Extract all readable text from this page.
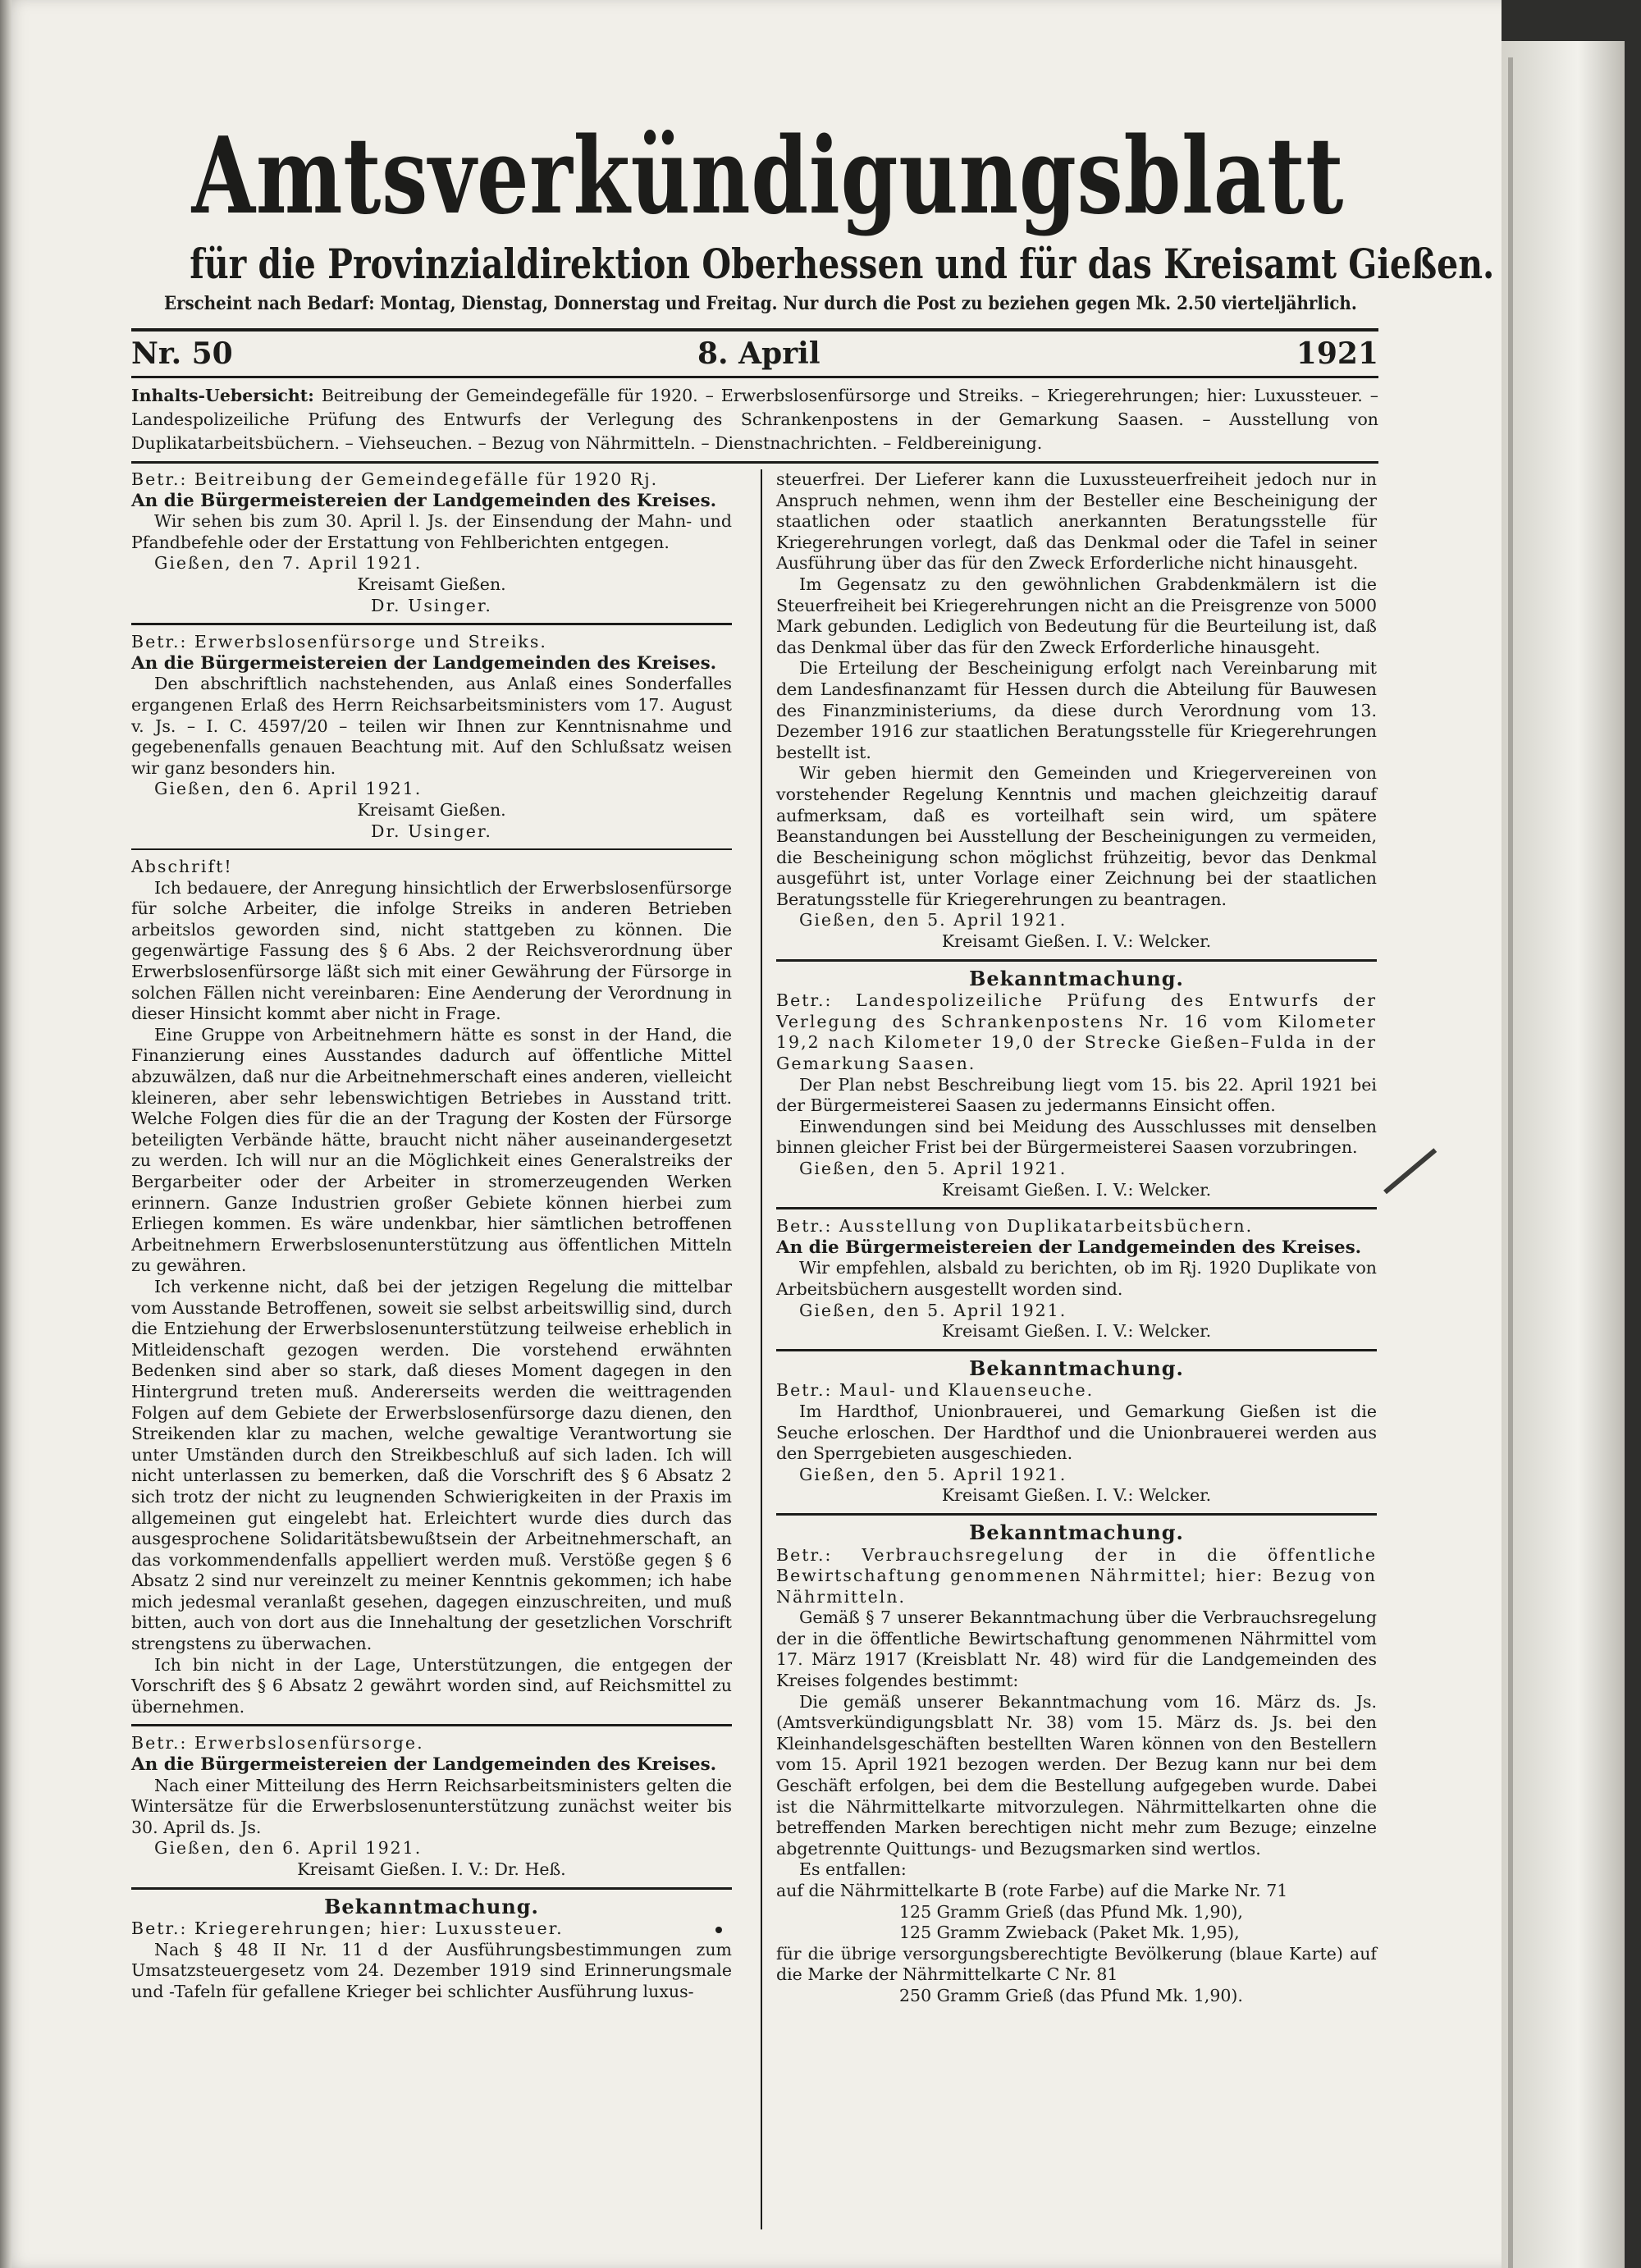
Amtsverkündigungsblatt
für die Provinzialdirektion Oberhessen und für das Kreisamt Gießen.
Erscheint nach Bedarf: Montag, Dienstag, Donnerstag und Freitag. Nur durch die Post zu beziehen gegen Mk. 2.50 vierteljährlich.
Nr. 50	8. April	1921
Inhalts-Uebersicht: Beitreibung der Gemeindegefälle für 1920. – Erwerbslosenfürsorge und Streiks. – Kriegerehrungen; hier: Luxussteuer. – Landespolizeiliche Prüfung des Entwurfs der Verlegung des Schrankenpostens in der Gemarkung Saasen. – Ausstellung von Duplikatarbeitsbüchern. – Viehseuchen. – Bezug von Nährmitteln. – Dienstnachrichten. – Feldbereinigung.

Betr.: Beitreibung der Gemeindegefälle für 1920 Rj.

An die Bürgermeistereien der Landgemeinden des Kreises.

Wir sehen bis zum 30. April l. Js. der Einsendung der Mahn- und Pfandbefehle oder der Erstattung von Fehlberichten entgegen.

Gießen, den 7. April 1921.

Kreisamt Gießen.

Dr. Usinger.

Betr.: Erwerbslosenfürsorge und Streiks.

An die Bürgermeistereien der Landgemeinden des Kreises.

Den abschriftlich nachstehenden, aus Anlaß eines Sonderfalles ergangenen Erlaß des Herrn Reichsarbeitsministers vom 17. August v. Js. – I. C. 4597/20 – teilen wir Ihnen zur Kenntnisnahme und gegebenenfalls genauen Beachtung mit. Auf den Schlußsatz weisen wir ganz besonders hin.

Gießen, den 6. April 1921.

Kreisamt Gießen.

Dr. Usinger.

Abschrift!

Ich bedauere, der Anregung hinsichtlich der Erwerbslosenfürsorge für solche Arbeiter, die infolge Streiks in anderen Betrieben arbeitslos geworden sind, nicht stattgeben zu können. Die gegenwärtige Fassung des § 6 Abs. 2 der Reichsverordnung über Erwerbslosenfürsorge läßt sich mit einer Gewährung der Fürsorge in solchen Fällen nicht vereinbaren: Eine Aenderung der Verordnung in dieser Hinsicht kommt aber nicht in Frage.

Eine Gruppe von Arbeitnehmern hätte es sonst in der Hand, die Finanzierung eines Ausstandes dadurch auf öffentliche Mittel abzuwälzen, daß nur die Arbeitnehmerschaft eines anderen, vielleicht kleineren, aber sehr lebenswichtigen Betriebes in Ausstand tritt. Welche Folgen dies für die an der Tragung der Kosten der Fürsorge beteiligten Verbände hätte, braucht nicht näher auseinandergesetzt zu werden. Ich will nur an die Möglichkeit eines Generalstreiks der Bergarbeiter oder der Arbeiter in stromerzeugenden Werken erinnern. Ganze Industrien großer Gebiete können hierbei zum Erliegen kommen. Es wäre undenkbar, hier sämtlichen betroffenen Arbeitnehmern Erwerbslosenunterstützung aus öffentlichen Mitteln zu gewähren.

Ich verkenne nicht, daß bei der jetzigen Regelung die mittelbar vom Ausstande Betroffenen, soweit sie selbst arbeitswillig sind, durch die Entziehung der Erwerbslosenunterstützung teilweise erheblich in Mitleidenschaft gezogen werden. Die vorstehend erwähnten Bedenken sind aber so stark, daß dieses Moment dagegen in den Hintergrund treten muß. Andererseits werden die weittragenden Folgen auf dem Gebiete der Erwerbslosenfürsorge dazu dienen, den Streikenden klar zu machen, welche gewaltige Verantwortung sie unter Umständen durch den Streikbeschluß auf sich laden. Ich will nicht unterlassen zu bemerken, daß die Vorschrift des § 6 Absatz 2 sich trotz der nicht zu leugnenden Schwierigkeiten in der Praxis im allgemeinen gut eingelebt hat. Erleichtert wurde dies durch das ausgesprochene Solidaritätsbewußtsein der Arbeitnehmerschaft, an das vorkommendenfalls appelliert werden muß. Verstöße gegen § 6 Absatz 2 sind nur vereinzelt zu meiner Kenntnis gekommen; ich habe mich jedesmal veranlaßt gesehen, dagegen einzuschreiten, und muß bitten, auch von dort aus die Innehaltung der gesetzlichen Vorschrift strengstens zu überwachen.

Ich bin nicht in der Lage, Unterstützungen, die entgegen der Vorschrift des § 6 Absatz 2 gewährt worden sind, auf Reichsmittel zu übernehmen.

Betr.: Erwerbslosenfürsorge.

An die Bürgermeistereien der Landgemeinden des Kreises.

Nach einer Mitteilung des Herrn Reichsarbeitsministers gelten die Wintersätze für die Erwerbslosenunterstützung zunächst weiter bis 30. April ds. Js.

Gießen, den 6. April 1921.

Kreisamt Gießen. I. V.: Dr. Heß.

Bekanntmachung.

Betr.: Kriegerehrungen; hier: Luxussteuer.

Nach § 48 II Nr. 11 d der Ausführungsbestimmungen zum Umsatzsteuergesetz vom 24. Dezember 1919 sind Erinnerungsmale und -Tafeln für gefallene Krieger bei schlichter Ausführung luxus-

steuerfrei. Der Lieferer kann die Luxussteuerfreiheit jedoch nur in Anspruch nehmen, wenn ihm der Besteller eine Bescheinigung der staatlichen oder staatlich anerkannten Beratungsstelle für Kriegerehrungen vorlegt, daß das Denkmal oder die Tafel in seiner Ausführung über das für den Zweck Erforderliche nicht hinausgeht.

Im Gegensatz zu den gewöhnlichen Grabdenkmälern ist die Steuerfreiheit bei Kriegerehrungen nicht an die Preisgrenze von 5000 Mark gebunden. Lediglich von Bedeutung für die Beurteilung ist, daß das Denkmal über das für den Zweck Erforderliche hinausgeht.

Die Erteilung der Bescheinigung erfolgt nach Vereinbarung mit dem Landesfinanzamt für Hessen durch die Abteilung für Bauwesen des Finanzministeriums, da diese durch Verordnung vom 13. Dezember 1916 zur staatlichen Beratungsstelle für Kriegerehrungen bestellt ist.

Wir geben hiermit den Gemeinden und Kriegervereinen von vorstehender Regelung Kenntnis und machen gleichzeitig darauf aufmerksam, daß es vorteilhaft sein wird, um spätere Beanstandungen bei Ausstellung der Bescheinigungen zu vermeiden, die Bescheinigung schon möglichst frühzeitig, bevor das Denkmal ausgeführt ist, unter Vorlage einer Zeichnung bei der staatlichen Beratungsstelle für Kriegerehrungen zu beantragen.

Gießen, den 5. April 1921.

Kreisamt Gießen. I. V.: Welcker.

Bekanntmachung.

Betr.: Landespolizeiliche Prüfung des Entwurfs der Verlegung des Schrankenpostens Nr. 16 vom Kilometer 19,2 nach Kilometer 19,0 der Strecke Gießen–Fulda in der Gemarkung Saasen.

Der Plan nebst Beschreibung liegt vom 15. bis 22. April 1921 bei der Bürgermeisterei Saasen zu jedermanns Einsicht offen.

Einwendungen sind bei Meidung des Ausschlusses mit denselben binnen gleicher Frist bei der Bürgermeisterei Saasen vorzubringen.

Gießen, den 5. April 1921.

Kreisamt Gießen. I. V.: Welcker.

Betr.: Ausstellung von Duplikatarbeitsbüchern.

An die Bürgermeistereien der Landgemeinden des Kreises.

Wir empfehlen, alsbald zu berichten, ob im Rj. 1920 Duplikate von Arbeitsbüchern ausgestellt worden sind.

Gießen, den 5. April 1921.

Kreisamt Gießen. I. V.: Welcker.

Bekanntmachung.

Betr.: Maul- und Klauenseuche.

Im Hardthof, Unionbrauerei, und Gemarkung Gießen ist die Seuche erloschen. Der Hardthof und die Unionbrauerei werden aus den Sperrgebieten ausgeschieden.

Gießen, den 5. April 1921.

Kreisamt Gießen. I. V.: Welcker.

Bekanntmachung.

Betr.: Verbrauchsregelung der in die öffentliche Bewirtschaftung genommenen Nährmittel; hier: Bezug von Nährmitteln.

Gemäß § 7 unserer Bekanntmachung über die Verbrauchsregelung der in die öffentliche Bewirtschaftung genommenen Nährmittel vom 17. März 1917 (Kreisblatt Nr. 48) wird für die Landgemeinden des Kreises folgendes bestimmt:

Die gemäß unserer Bekanntmachung vom 16. März ds. Js. (Amtsverkündigungsblatt Nr. 38) vom 15. März ds. Js. bei den Kleinhandelsgeschäften bestellten Waren können von den Bestellern vom 15. April 1921 bezogen werden. Der Bezug kann nur bei dem Geschäft erfolgen, bei dem die Bestellung aufgegeben wurde. Dabei ist die Nährmittelkarte mitvorzulegen. Nährmittelkarten ohne die betreffenden Marken berechtigen nicht mehr zum Bezuge; einzelne abgetrennte Quittungs- und Bezugsmarken sind wertlos.

Es entfallen:

auf die Nährmittelkarte B (rote Farbe) auf die Marke Nr. 71

125 Gramm Grieß (das Pfund Mk. 1,90),

125 Gramm Zwieback (Paket Mk. 1,95),

für die übrige versorgungsberechtigte Bevölkerung (blaue Karte) auf die Marke der Nährmittelkarte C Nr. 81

250 Gramm Grieß (das Pfund Mk. 1,90).
